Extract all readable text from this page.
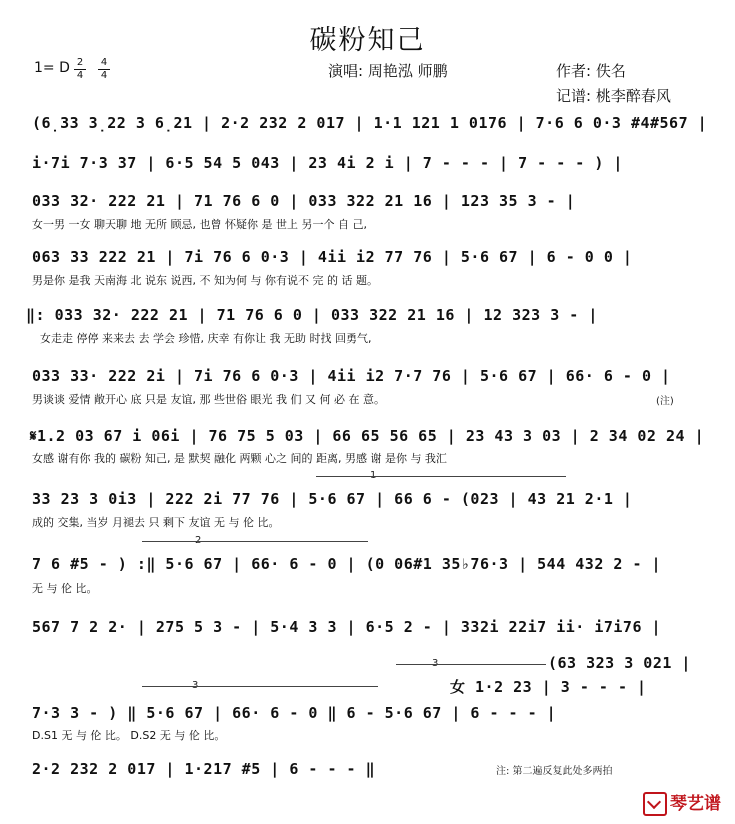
碳粉知己
1= D 2
4
4
4	演唱: 周艳泓 师鹏	作者: 佚名
记谱: 桃李醉春风
(6̣33 3̣22 3 6̣21 | 2·2 232 2 017 | 1·1 121 1 0176 | 7·6 6 0·3 #4#567 |
i·7i 7·3 37 | 6·5 54 5 043 | 23 4i 2 i | 7 - - - | 7 - - - ) |
033 32· 222 21 | 71 76 6 0 | 033 322 21 16 | 123 35 3 - |
女一男 一女 聊天聊 地 无所 顾忌, 也曾 怀疑你 是 世上 另一个 自 己,
063 33 222 21 | 7i 76 6 0·3 | 4ii i2 77 76 | 5·6 67 | 6 - 0 0 |
男是你 是我 天南海 北 说东 说西, 不 知为何 与 你有说不 完 的 话 题。
‖: 033 32· 222 21 | 71 76 6 0 | 033 322 21 16 | 12 323 3 - |
女走走 停停 来来去 去 学会 珍惜, 庆幸 有你让 我 无助 时找 回勇气,
033 33· 222 2i | 7i 76 6 0·3 | 4ii i2 7·7 76 | 5·6 67 | 66· 6 - 0 |
男谈谈 爱情 敞开心 底 只是 友谊, 那 些世俗 眼光 我 们 又 何 必 在 意。	(注)
𝄋1.2 03 67 i 06i | 76 75 5 03 | 66 65 56 65 | 23 43 3 03 | 2 34 02 24 |
女感 谢有你 我的 碳粉 知己, 是 默契 融化 两颗 心之 间的 距离, 男感 谢 是你 与 我汇
33 23 3 0i3 | 222 2i 77 76 | 5·6 67 | 66 6 - (023 | 43 21 2·1 |
成的 交集, 当岁 月褪去 只 剩下 友谊 无 与 伦 比。
7 6 #5 - ) :‖ 5·6 67 | 66· 6 - 0 | (0 06#1 35♭76·3 | 544 432 2 - |
无 与 伦 比。
567 7 2 2· | 275 5 3 - | 5·4 3 3 | 6·5 2 - | 332i 22i7 ii· i7i76 |
(63 323 3 021 |
女 1·2 23 | 3 - - - |
7·3 3 - ) ‖ 5·6 67 | 66· 6 - 0 ‖ 6 - 5·6 67 | 6 - - - |
D.S1 无 与 伦 比。 D.S2 无 与 伦 比。
2·2 232 2 017 | 1·217 #5 | 6 - - - ‖	注: 第二遍反复此处多两拍
琴艺谱
